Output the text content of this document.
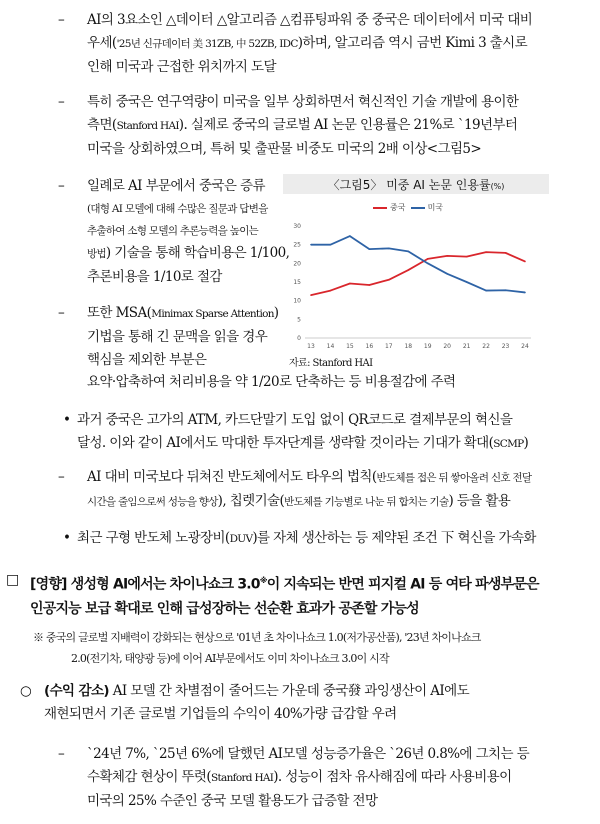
– AI의 3요소인 △데이터 △알고리즘 △컴퓨팅파워 중 중국은 데이터에서 미국 대비

우세('25년 신규데이터 美 31ZB, 中 52ZB, IDC)하며, 알고리즘 역시 금번 Kimi 3 출시로

인해 미국과 근접한 위치까지 도달

– 특히 중국은 연구역량이 미국을 일부 상회하면서 혁신적인 기술 개발에 용이한

측면(Stanford HAI). 실제로 중국의 글로벌 AI 논문 인용률은 21%로 `19년부터

미국을 상회하였으며, 특허 및 출판물 비중도 미국의 2배 이상<그림5>

– 일례로 AI 부문에서 중국은 증류

(대형 AI 모델에 대해 수많은 질문과 답변을

추출하여 소형 모델의 추론능력을 높이는

방법) 기술을 통해 학습비용은 1/100,

추론비용을 1/10로 절감

– 또한 MSA(Minimax Sparse Attention)

기법을 통해 긴 문맥을 읽을 경우

핵심을 제외한 부분은

요약·압축하여 처리비용을 약 1/20로 단축하는 등 비용절감에 주력

〈그림5〉 미중 AI 논문 인용률(%)
중국	미국
0
5
10
15
20
25
30
13 14 15 16 17 18 19 20 21 22 23 24
자료: Stanford HAI
• 과거 중국은 고가의 ATM, 카드단말기 도입 없이 QR코드로 결제부문의 혁신을

달성. 이와 같이 AI에서도 막대한 투자단계를 생략할 것이라는 기대가 확대(SCMP)

– AI 대비 미국보다 뒤쳐진 반도체에서도 타우의 법칙(반도체를 접은 뒤 쌓아올려 신호 전달

시간을 줄임으로써 성능을 향상), 칩렛기술(반도체를 기능별로 나눈 뒤 합치는 기술) 등을 활용

• 최근 구형 반도체 노광장비(DUV)를 자체 생산하는 등 제약된 조건 下 혁신을 가속화

□ [영향] 생성형 AI에서는 차이나쇼크 3.0※이 지속되는 반면 피지컬 AI 등 여타 파생부문은

인공지능 보급 확대로 인해 급성장하는 선순환 효과가 공존할 가능성

※ 중국의 글로벌 지배력이 강화되는 현상으로 '01년 초 차이나쇼크 1.0(저가공산품), '23년 차이나쇼크

2.0(전기차, 태양광 등)에 이어 AI부문에서도 이미 차이나쇼크 3.0이 시작

○ (수익 감소) AI 모델 간 차별점이 줄어드는 가운데 중국發 과잉생산이 AI에도

재현되면서 기존 글로벌 기업들의 수익이 40%가량 급감할 우려

– `24년 7%, `25년 6%에 달했던 AI모델 성능증가율은 `26년 0.8%에 그치는 등

수확체감 현상이 뚜렷(Stanford HAI). 성능이 점차 유사해짐에 따라 사용비용이

미국의 25% 수준인 중국 모델 활용도가 급증할 전망
